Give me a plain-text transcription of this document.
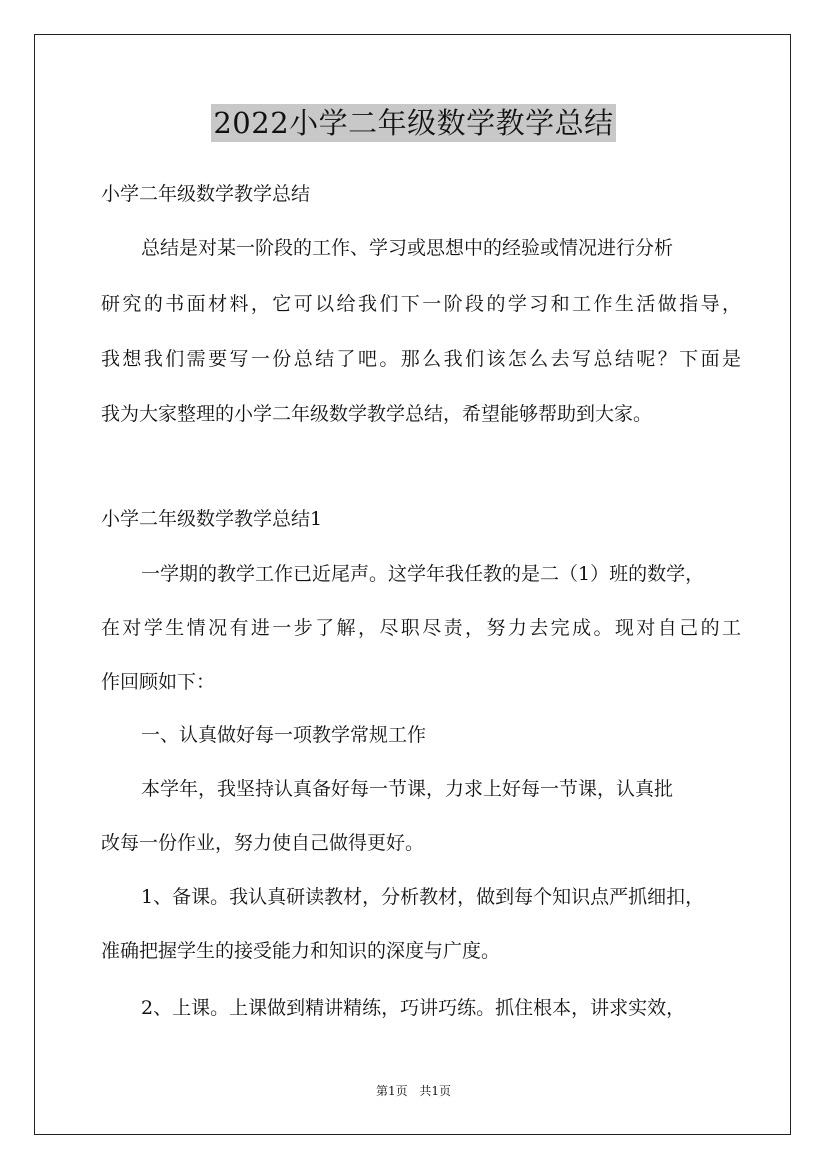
2022小学二年级数学教学总结
小学二年级数学教学总结
总结是对某一阶段的工作、学习或思想中的经验或情况进行分析
研究的书面材料，它可以给我们下一阶段的学习和工作生活做指导，
我想我们需要写一份总结了吧。那么我们该怎么去写总结呢？下面是
我为大家整理的小学二年级数学教学总结，希望能够帮助到大家。
小学二年级数学教学总结1
一学期的教学工作已近尾声。这学年我任教的是二（1）班的数学，
在对学生情况有进一步了解，尽职尽责，努力去完成。现对自己的工
作回顾如下：
一、认真做好每一项教学常规工作
本学年，我坚持认真备好每一节课，力求上好每一节课，认真批
改每一份作业，努力使自己做得更好。
1、备课。我认真研读教材，分析教材，做到每个知识点严抓细扣，
准确把握学生的接受能力和知识的深度与广度。
2、上课。上课做到精讲精练，巧讲巧练。抓住根本，讲求实效，
第1页 共1页
